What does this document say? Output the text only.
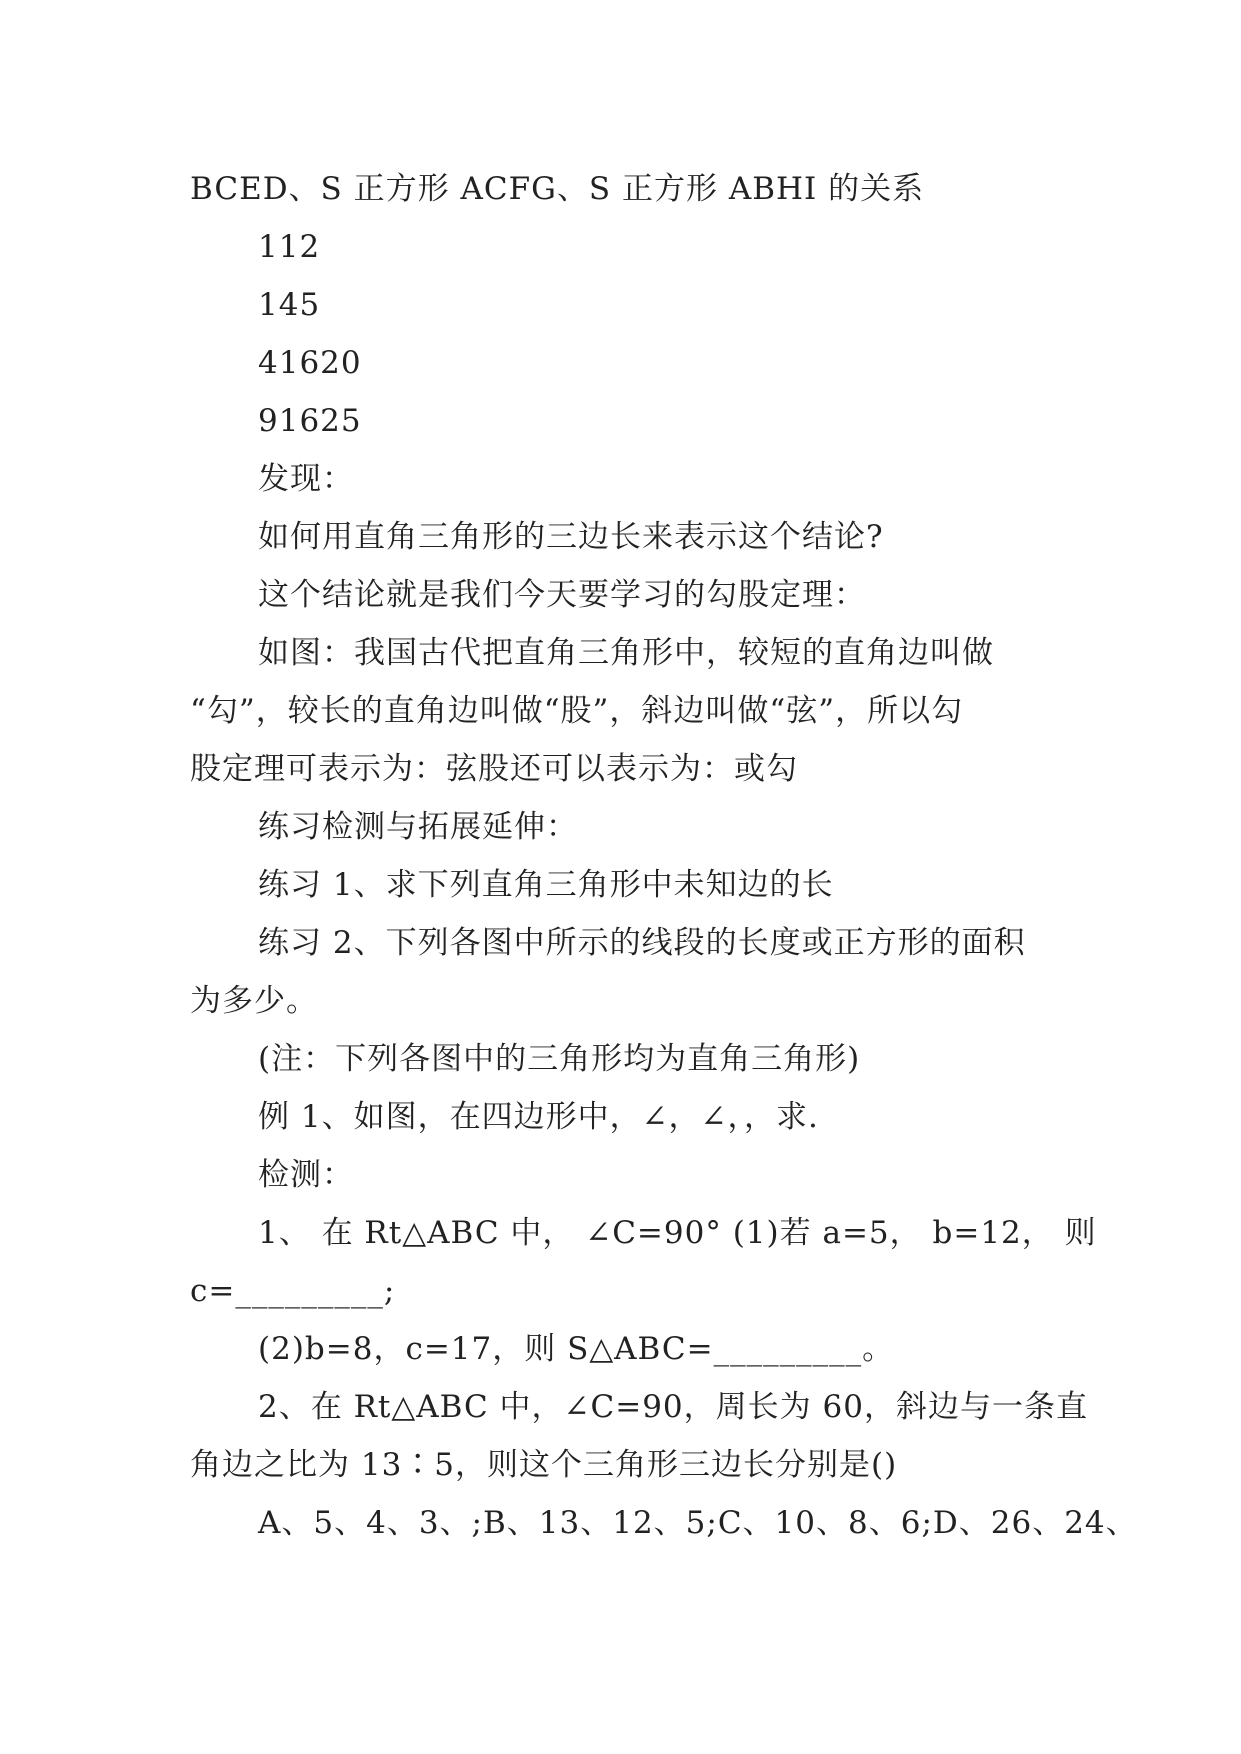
BCED、S 正方形 ACFG、S 正方形 ABHI 的关系

112

145

41620

91625

发现：

如何用直角三角形的三边长来表示这个结论?

这个结论就是我们今天要学习的勾股定理：

如图：我国古代把直角三角形中，较短的直角边叫做

“勾”，较长的直角边叫做“股”，斜边叫做“弦”，所以勾

股定理可表示为：弦股还可以表示为：或勾

练习检测与拓展延伸：

练习 1、求下列直角三角形中未知边的长

练习 2、下列各图中所示的线段的长度或正方形的面积

为多少。

(注：下列各图中的三角形均为直角三角形)

例 1、如图，在四边形中，∠，∠，，求.

检测：

1、 在 Rt△ABC 中， ∠C=90° (1)若 a=5， b=12， 则

c=_________;

(2)b=8，c=17，则 S△ABC=_________。

2、在 Rt△ABC 中，∠C=90，周长为 60，斜边与一条直

角边之比为 13∶5，则这个三角形三边长分别是()

A、5、4、3、;B、13、12、5;C、10、8、6;D、26、24、
